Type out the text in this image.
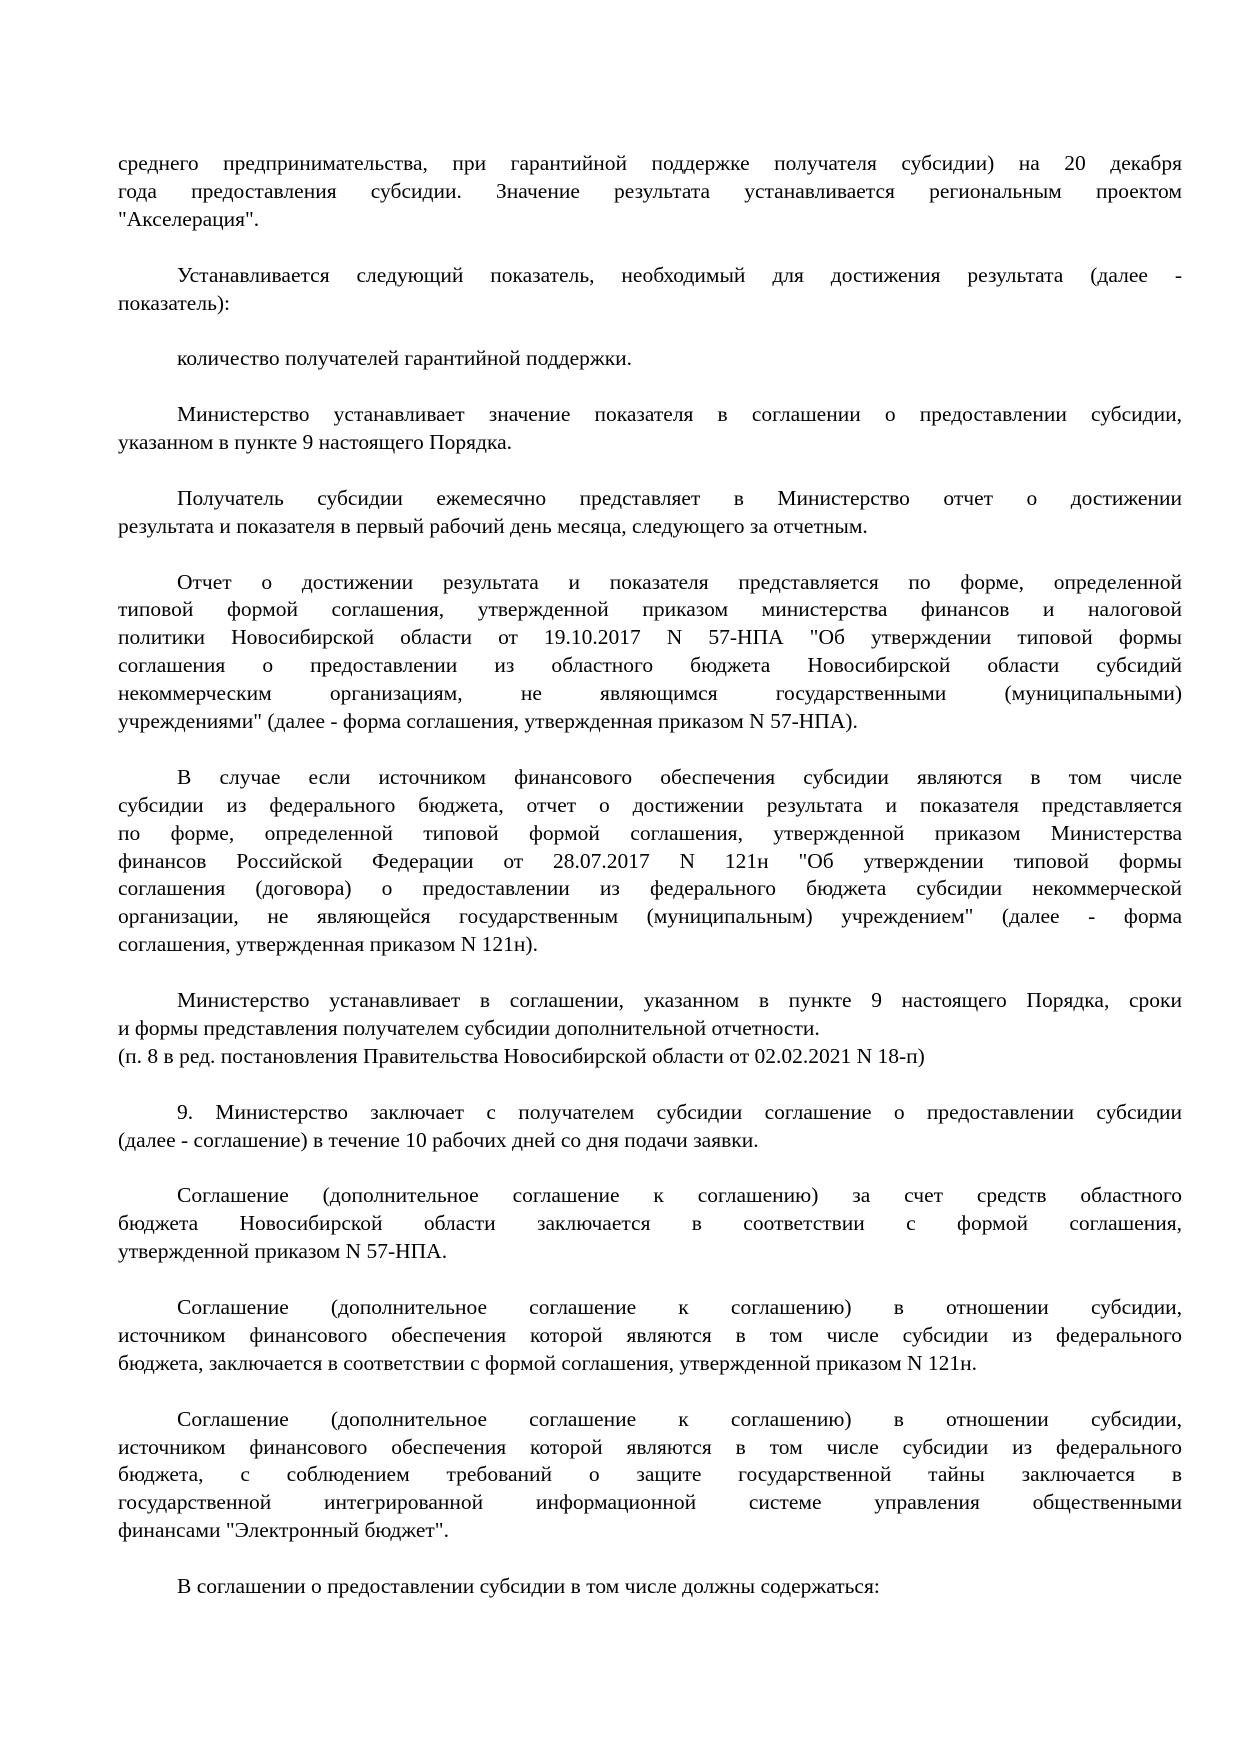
среднего предпринимательства, при гарантийной поддержке получателя субсидии) на 20 декабря
года предоставления субсидии. Значение результата устанавливается региональным проектом
"Акселерация".
Устанавливается следующий показатель, необходимый для достижения результата (далее -
показатель):
количество получателей гарантийной поддержки.
Министерство устанавливает значение показателя в соглашении о предоставлении субсидии,
указанном в пункте 9 настоящего Порядка.
Получатель субсидии ежемесячно представляет в Министерство отчет о достижении
результата и показателя в первый рабочий день месяца, следующего за отчетным.
Отчет о достижении результата и показателя представляется по форме, определенной
типовой формой соглашения, утвержденной приказом министерства финансов и налоговой
политики Новосибирской области от 19.10.2017 N 57-НПА "Об утверждении типовой формы
соглашения о предоставлении из областного бюджета Новосибирской области субсидий
некоммерческим организациям, не являющимся государственными (муниципальными)
учреждениями" (далее - форма соглашения, утвержденная приказом N 57-НПА).
В случае если источником финансового обеспечения субсидии являются в том числе
субсидии из федерального бюджета, отчет о достижении результата и показателя представляется
по форме, определенной типовой формой соглашения, утвержденной приказом Министерства
финансов Российской Федерации от 28.07.2017 N 121н "Об утверждении типовой формы
соглашения (договора) о предоставлении из федерального бюджета субсидии некоммерческой
организации, не являющейся государственным (муниципальным) учреждением" (далее - форма
соглашения, утвержденная приказом N 121н).
Министерство устанавливает в соглашении, указанном в пункте 9 настоящего Порядка, сроки
и формы представления получателем субсидии дополнительной отчетности.
(п. 8 в ред. постановления Правительства Новосибирской области от 02.02.2021 N 18-п)
9. Министерство заключает с получателем субсидии соглашение о предоставлении субсидии
(далее - соглашение) в течение 10 рабочих дней со дня подачи заявки.
Соглашение (дополнительное соглашение к соглашению) за счет средств областного
бюджета Новосибирской области заключается в соответствии с формой соглашения,
утвержденной приказом N 57-НПА.
Соглашение (дополнительное соглашение к соглашению) в отношении субсидии,
источником финансового обеспечения которой являются в том числе субсидии из федерального
бюджета, заключается в соответствии с формой соглашения, утвержденной приказом N 121н.
Соглашение (дополнительное соглашение к соглашению) в отношении субсидии,
источником финансового обеспечения которой являются в том числе субсидии из федерального
бюджета, с соблюдением требований о защите государственной тайны заключается в
государственной интегрированной информационной системе управления общественными
финансами "Электронный бюджет".
В соглашении о предоставлении субсидии в том числе должны содержаться:
